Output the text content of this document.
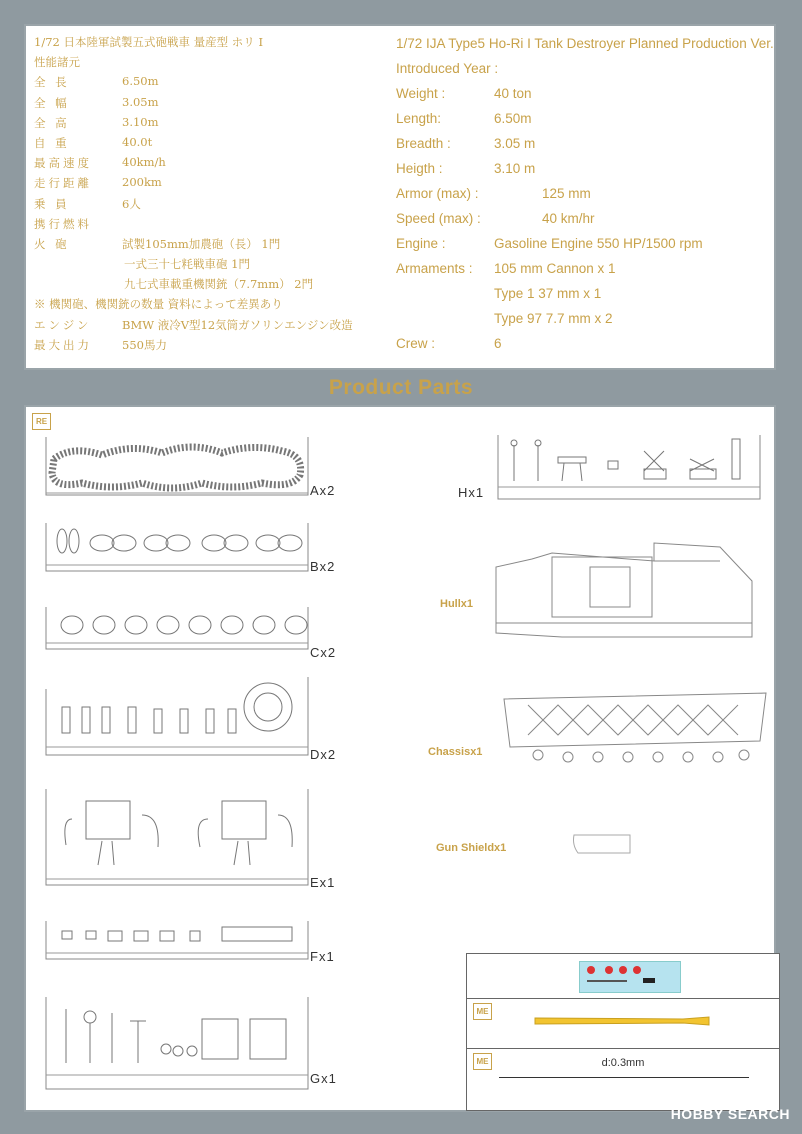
1/72 日本陸軍試製五式砲戦車 量産型 ホリ I
性能諸元
全 長	6.50m
全 幅	3.05m
全 高	3.10m
自 重	40.0t
最高速度	40km/h
走行距離	200km
乗 員	6人
携行燃料
火 砲	試製105mm加農砲（長） 1門
一式三十七粍戦車砲 1門
九七式車載重機関銃（7.7mm） 2門
※ 機関砲、機関銃の数量 資料によって差異あり
エンジン	BMW 液冷Ⅴ型12気筒ガソリンエンジン改造
最大出力	550馬力
1/72 IJA Type5 Ho-Ri I Tank Destroyer Planned Production Ver.
Introduced Year :
Weight :	40 ton
Length:	6.50m
Breadth :	3.05 m
Heigth :	3.10 m
Armor (max) :	125 mm
Speed (max) :	40 km/hr
Engine :	Gasoline Engine 550 HP/1500 rpm
Armaments :	105 mm Cannon x 1
Type 1 37 mm x 1
Type 97 7.7 mm x 2
Crew :	6
Product Parts
RE
Ax2
Bx2
Cx2
Dx2
Ex1
Fx1
Gx1
Hx1
Hullx1
Chassisx1
Gun Shieldx1
ME
ME	d:0.3mm
HOBBY SEARCH
